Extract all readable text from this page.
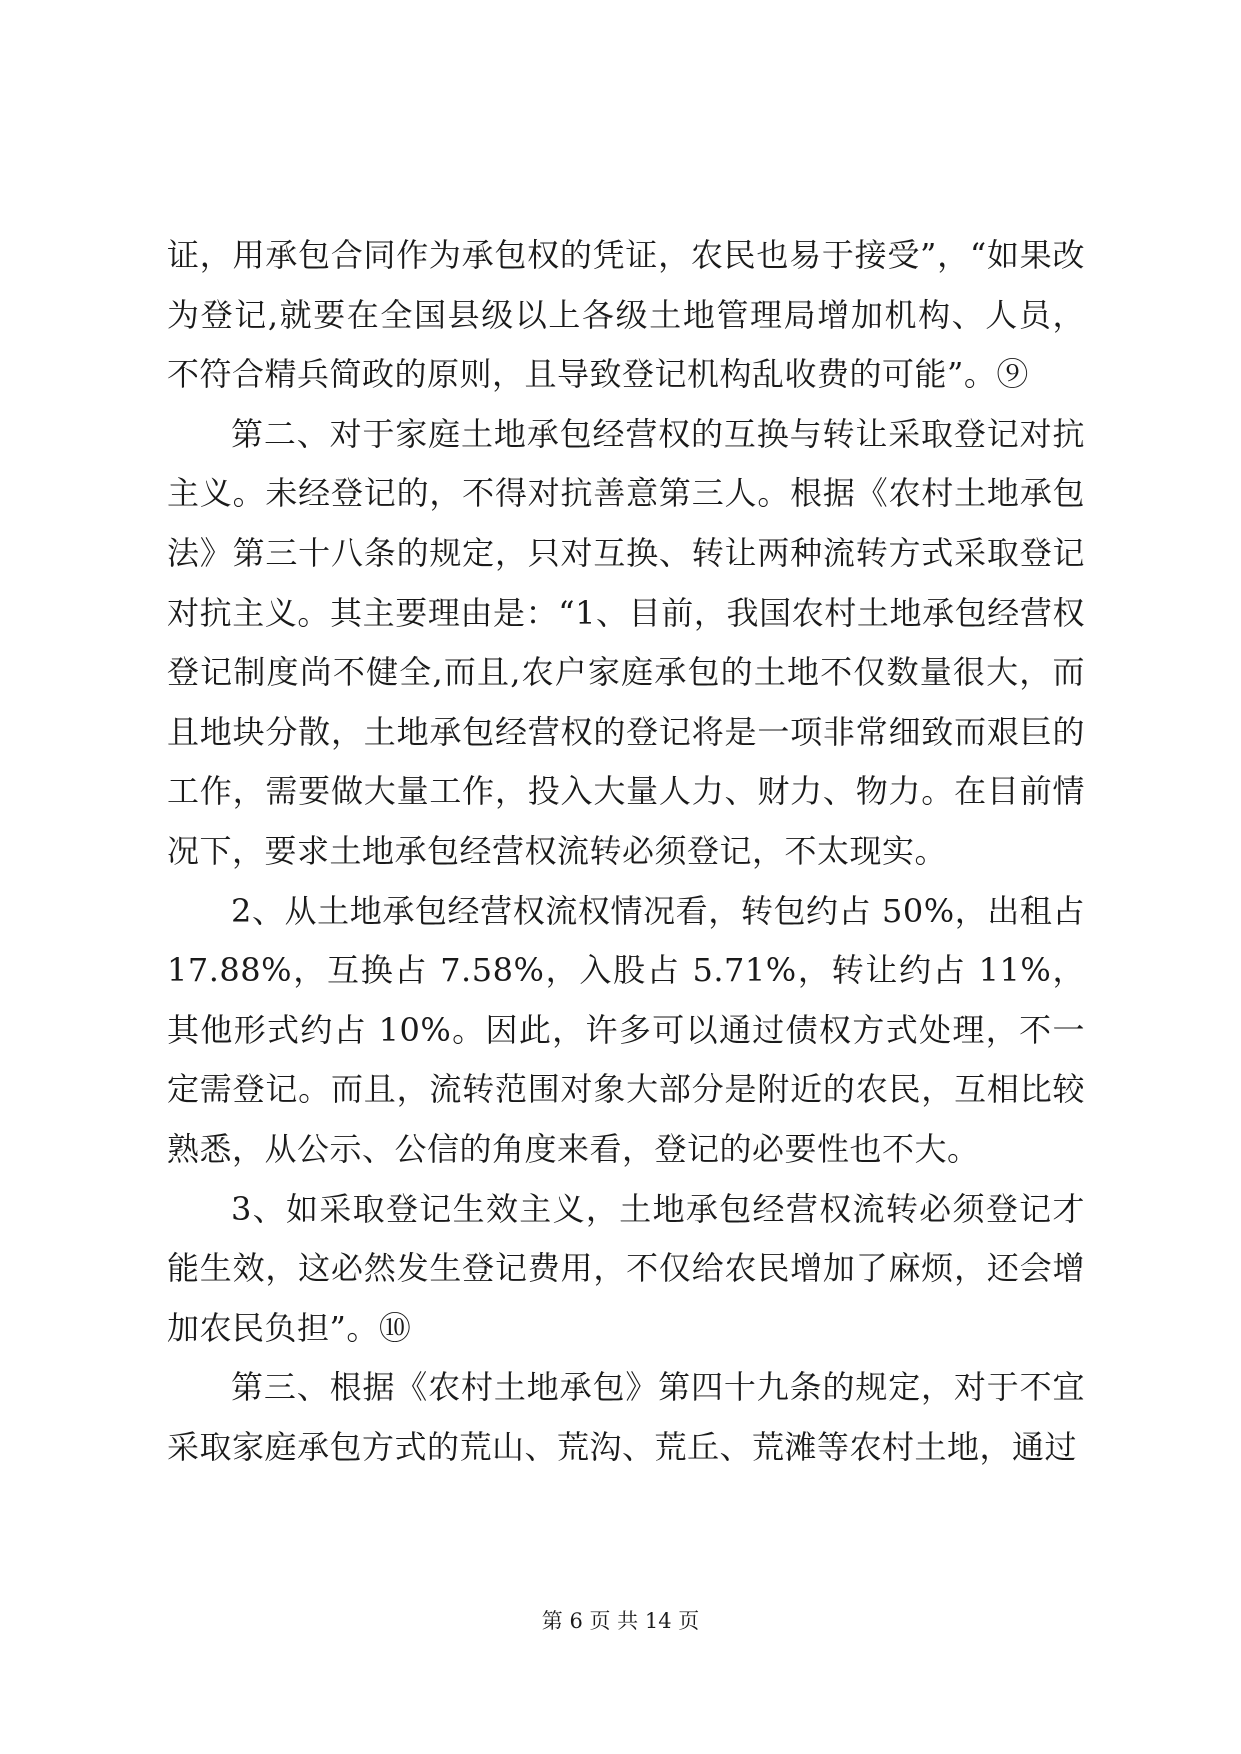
证，用承包合同作为承包权的凭证，农民也易于接受”，“如果改为登记,就要在全国县级以上各级土地管理局增加机构、人员，不符合精兵简政的原则，且导致登记机构乱收费的可能”。⑨

第二、对于家庭土地承包经营权的互换与转让采取登记对抗主义。未经登记的，不得对抗善意第三人。根据《农村土地承包法》第三十八条的规定，只对互换、转让两种流转方式采取登记对抗主义。其主要理由是：“1、目前，我国农村土地承包经营权登记制度尚不健全,而且,农户家庭承包的土地不仅数量很大，而且地块分散，土地承包经营权的登记将是一项非常细致而艰巨的工作，需要做大量工作，投入大量人力、财力、物力。在目前情况下，要求土地承包经营权流转必须登记，不太现实。

2、从土地承包经营权流权情况看，转包约占 50%，出租占 17.88%，互换占 7.58%，入股占 5.71%，转让约占 11%，其他形式约占 10%。因此，许多可以通过债权方式处理，不一定需登记。而且，流转范围对象大部分是附近的农民，互相比较熟悉，从公示、公信的角度来看，登记的必要性也不大。

3、如采取登记生效主义，土地承包经营权流转必须登记才能生效，这必然发生登记费用，不仅给农民增加了麻烦，还会增加农民负担”。⑩

第三、根据《农村土地承包》第四十九条的规定，对于不宜采取家庭承包方式的荒山、荒沟、荒丘、荒滩等农村土地，通过

第 6 页 共 14 页
